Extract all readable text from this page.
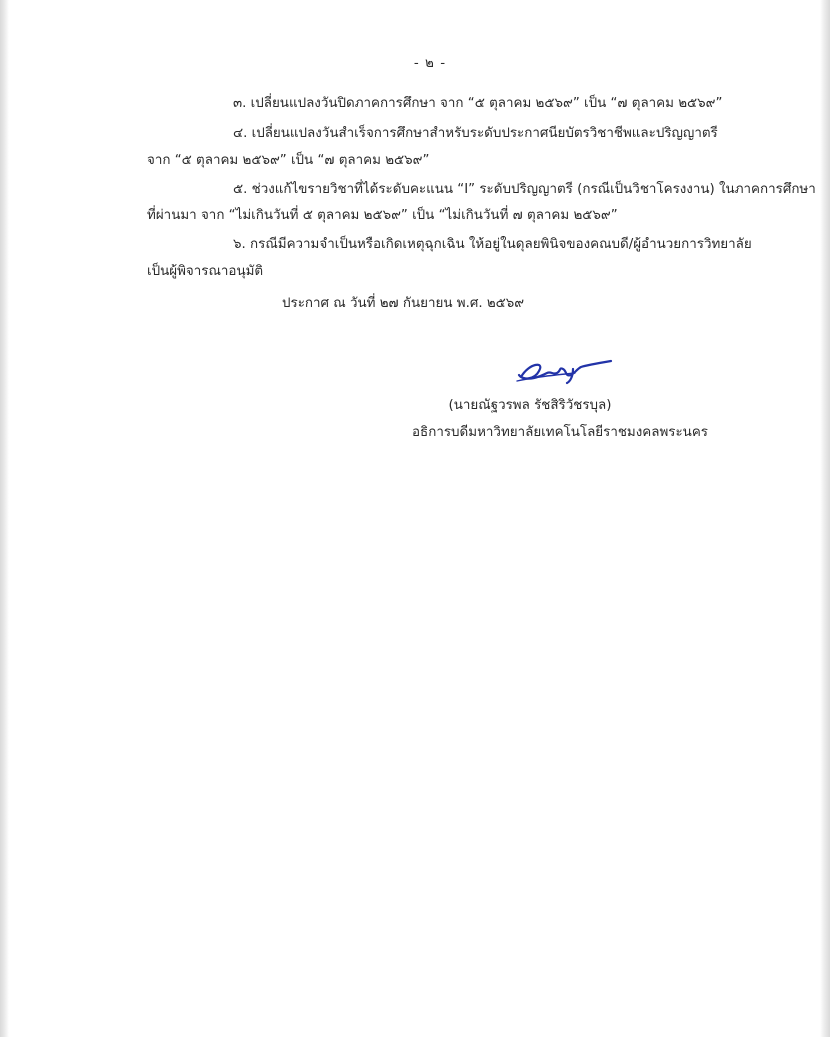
- ๒ -
๓. เปลี่ยนแปลงวันปิดภาคการศึกษา จาก “๕ ตุลาคม ๒๕๖๙” เป็น “๗ ตุลาคม ๒๕๖๙”
๔. เปลี่ยนแปลงวันสำเร็จการศึกษาสำหรับระดับประกาศนียบัตรวิชาชีพและปริญญาตรี
จาก “๕ ตุลาคม ๒๕๖๙” เป็น “๗ ตุลาคม ๒๕๖๙”
๕. ช่วงแก้ไขรายวิชาที่ได้ระดับคะแนน “I” ระดับปริญญาตรี (กรณีเป็นวิชาโครงงาน) ในภาคการศึกษา
ที่ผ่านมา จาก “ไม่เกินวันที่ ๕ ตุลาคม ๒๕๖๙” เป็น “ไม่เกินวันที่ ๗ ตุลาคม ๒๕๖๙”
๖. กรณีมีความจำเป็นหรือเกิดเหตุฉุกเฉิน ให้อยู่ในดุลยพินิจของคณบดี/ผู้อำนวยการวิทยาลัย
เป็นผู้พิจารณาอนุมัติ
ประกาศ ณ วันที่ ๒๗ กันยายน พ.ศ. ๒๕๖๙
(นายณัฐวรพล รัชสิริวัชรบุล)
อธิการบดีมหาวิทยาลัยเทคโนโลยีราชมงคลพระนคร
